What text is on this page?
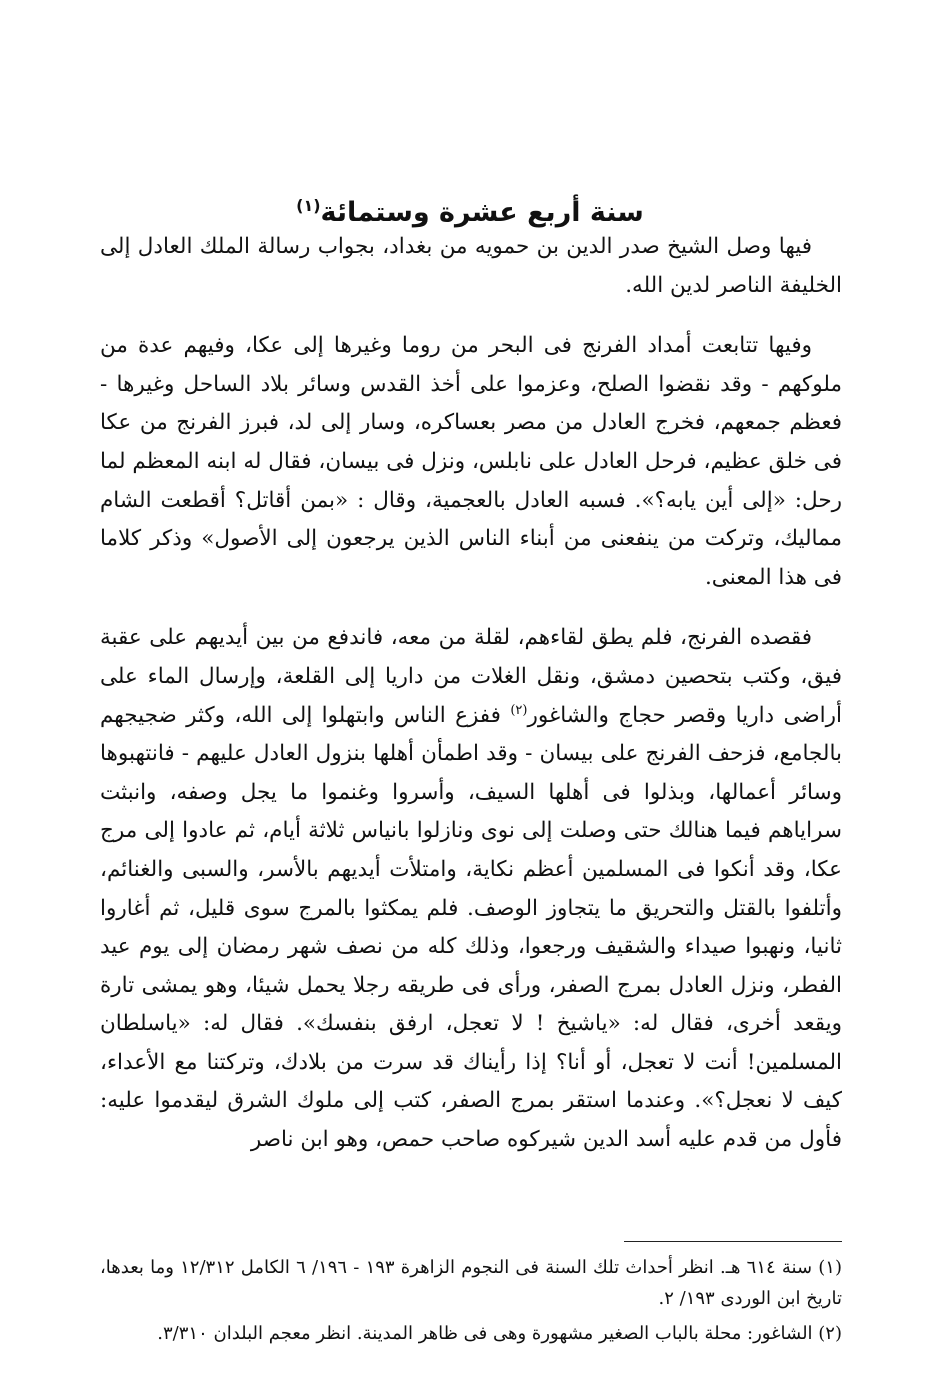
سنة أربع عشرة وستمائة$^{(١)}$

فيها وصل الشيخ صدر الدين بن حمويه من بغداد، بجواب رسالة الملك العادل إلى الخليفة الناصر لدين الله.

وفيها تتابعت أمداد الفرنج فى البحر من روما وغيرها إلى عكا، وفيهم عدة من ملوكهم - وقد نقضوا الصلح، وعزموا على أخذ القدس وسائر بلاد الساحل وغيرها - فعظم جمعهم، فخرج العادل من مصر بعساكره، وسار إلى لد، فبرز الفرنج من عكا فى خلق عظيم، فرحل العادل على نابلس، ونزل فى بيسان، فقال له ابنه المعظم لما رحل: «إلى أين يابه؟». فسبه العادل بالعجمية، وقال : «بمن أقاتل؟ أقطعت الشام مماليك، وتركت من ينفعنى من أبناء الناس الذين يرجعون إلى الأصول» وذكر كلاما فى هذا المعنى.

فقصده الفرنج، فلم يطق لقاءهم، لقلة من معه، فاندفع من بين أيديهم على عقبة فيق، وكتب بتحصين دمشق، ونقل الغلات من داريا إلى القلعة، وإرسال الماء على أراضى داريا وقصر حجاج والشاغور$^{(٢)}$ ففزع الناس وابتهلوا إلى الله، وكثر ضجيجهم بالجامع، فزحف الفرنج على بيسان - وقد اطمأن أهلها بنزول العادل عليهم - فانتهبوها وسائر أعمالها، وبذلوا فى أهلها السيف، وأسروا وغنموا ما يجل وصفه، وانبثت سراياهم فيما هنالك حتى وصلت إلى نوى ونازلوا بانياس ثلاثة أيام، ثم عادوا إلى مرج عكا، وقد أنكوا فى المسلمين أعظم نكاية، وامتلأت أيديهم بالأسر، والسبى والغنائم، وأتلفوا بالقتل والتحريق ما يتجاوز الوصف. فلم يمكثوا بالمرج سوى قليل، ثم أغاروا ثانيا، ونهبوا صيداء والشقيف ورجعوا، وذلك كله من نصف شهر رمضان إلى يوم عيد الفطر، ونزل العادل بمرج الصفر، ورأى فى طريقه رجلا يحمل شيئا، وهو يمشى تارة ويقعد أخرى، فقال له: «ياشيخ ! لا تعجل، ارفق بنفسك». فقال له: «ياسلطان المسلمين! أنت لا تعجل، أو أنا؟ إذا رأيناك قد سرت من بلادك، وتركتنا مع الأعداء، كيف لا نعجل؟». وعندما استقر بمرج الصفر، كتب إلى ملوك الشرق ليقدموا عليه: فأول من قدم عليه أسد الدين شيركوه صاحب حمص، وهو ابن ناصر

(١) سنة ٦١٤ هـ. انظر أحداث تلك السنة فى النجوم الزاهرة ١٩٣ - ١٩٦/ ٦ الكامل ١٢/٣١٢ وما بعدها، تاريخ ابن الوردى ١٩٣/ ٢.

(٢) الشاغور: محلة بالباب الصغير مشهورة وهى فى ظاهر المدينة. انظر معجم البلدان ٣/٣١٠.
